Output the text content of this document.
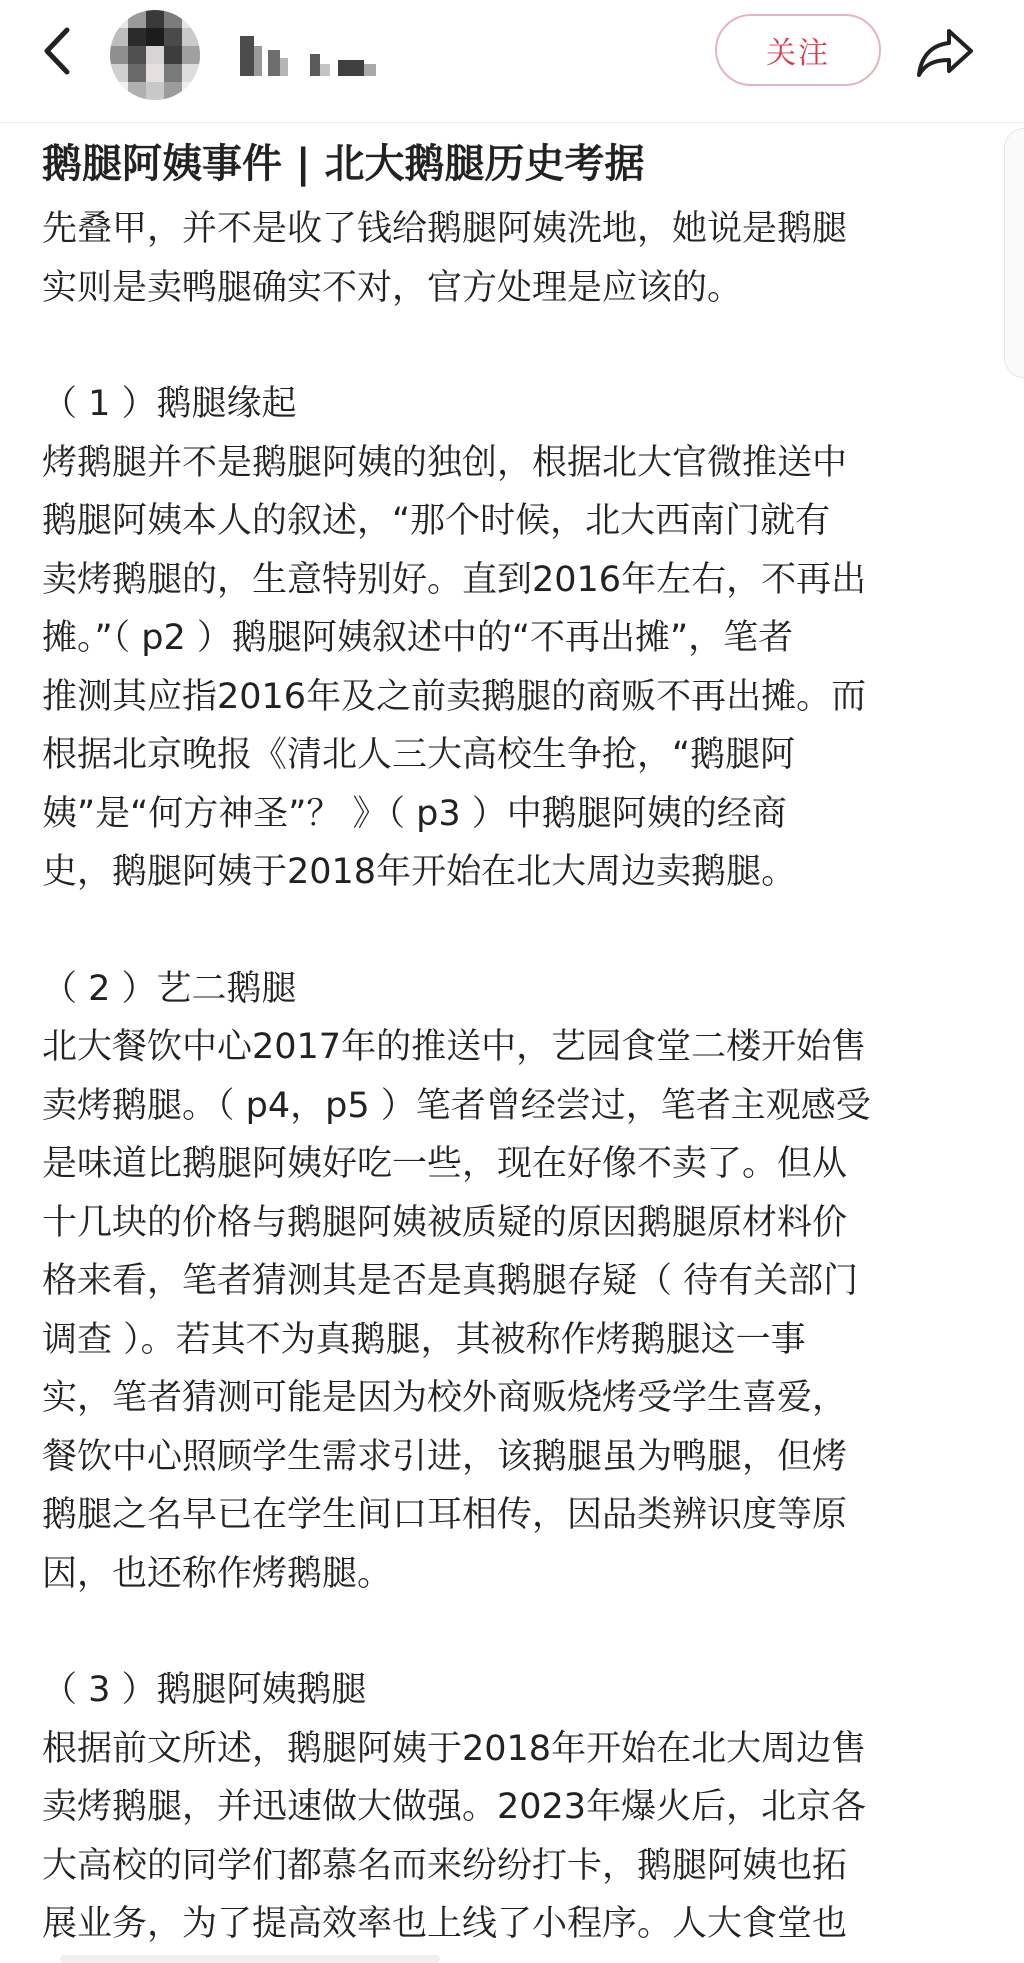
关注
鹅腿阿姨事件 | 北大鹅腿历史考据
先叠甲，并不是收了钱给鹅腿阿姨洗地，她说是鹅腿
实则是卖鸭腿确实不对，官方处理是应该的。
（ 1 ）鹅腿缘起
烤鹅腿并不是鹅腿阿姨的独创，根据北大官微推送中
鹅腿阿姨本人的叙述，“那个时候，北大西南门就有
卖烤鹅腿的，生意特别好。直到2016年左右，不再出
摊。”（ p2 ）鹅腿阿姨叙述中的“不再出摊”，笔者
推测其应指2016年及之前卖鹅腿的商贩不再出摊。而
根据北京晚报《清北人三大高校生争抢，“鹅腿阿
姨”是“何方神圣”？ 》（ p3 ）中鹅腿阿姨的经商
史，鹅腿阿姨于2018年开始在北大周边卖鹅腿。
（ 2 ）艺二鹅腿
北大餐饮中心2017年的推送中，艺园食堂二楼开始售
卖烤鹅腿。（ p4，p5 ）笔者曾经尝过，笔者主观感受
是味道比鹅腿阿姨好吃一些，现在好像不卖了。但从
十几块的价格与鹅腿阿姨被质疑的原因鹅腿原材料价
格来看，笔者猜测其是否是真鹅腿存疑（ 待有关部门
调查 ）。若其不为真鹅腿，其被称作烤鹅腿这一事
实，笔者猜测可能是因为校外商贩烧烤受学生喜爱，
餐饮中心照顾学生需求引进，该鹅腿虽为鸭腿，但烤
鹅腿之名早已在学生间口耳相传，因品类辨识度等原
因，也还称作烤鹅腿。
（ 3 ）鹅腿阿姨鹅腿
根据前文所述，鹅腿阿姨于2018年开始在北大周边售
卖烤鹅腿，并迅速做大做强。2023年爆火后，北京各
大高校的同学们都慕名而来纷纷打卡，鹅腿阿姨也拓
展业务，为了提高效率也上线了小程序。人大食堂也
